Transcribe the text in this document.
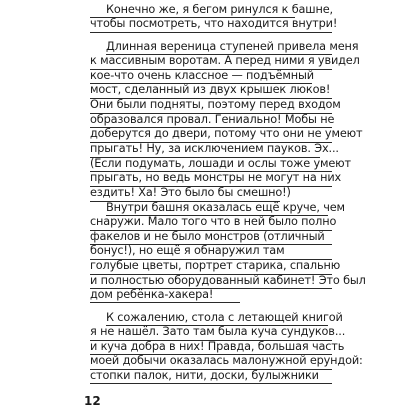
Конечно же, я бегом ринулся к башне,
чтобы посмотреть, что находится внутри!
Длинная вереница ступеней привела меня
к массивным воротам. А перед ними я увидел
кое-что очень классное — подъёмный
мост, сделанный из двух крышек люков!
Они были подняты, поэтому перед входом
образовался провал. Гениально! Мобы не
доберутся до двери, потому что они не умеют
прыгать! Ну, за исключением пауков. Эх...
(Если подумать, лошади и ослы тоже умеют
прыгать, но ведь монстры не могут на них
ездить! Ха! Это было бы смешно!)
Внутри башня оказалась ещё круче, чем
снаружи. Мало того что в ней было полно
факелов и не было монстров (отличный
бонус!), но ещё я обнаружил там
голубые цветы, портрет старика, спальню
и полностью оборудованный кабинет! Это был
дом ребёнка-хакера!
К сожалению, стола с летающей книгой
я не нашёл. Зато там была куча сундуков...
и куча добра в них! Правда, большая часть
моей добычи оказалась малонужной ерундой:
стопки палок, нити, доски, булыжники
12
